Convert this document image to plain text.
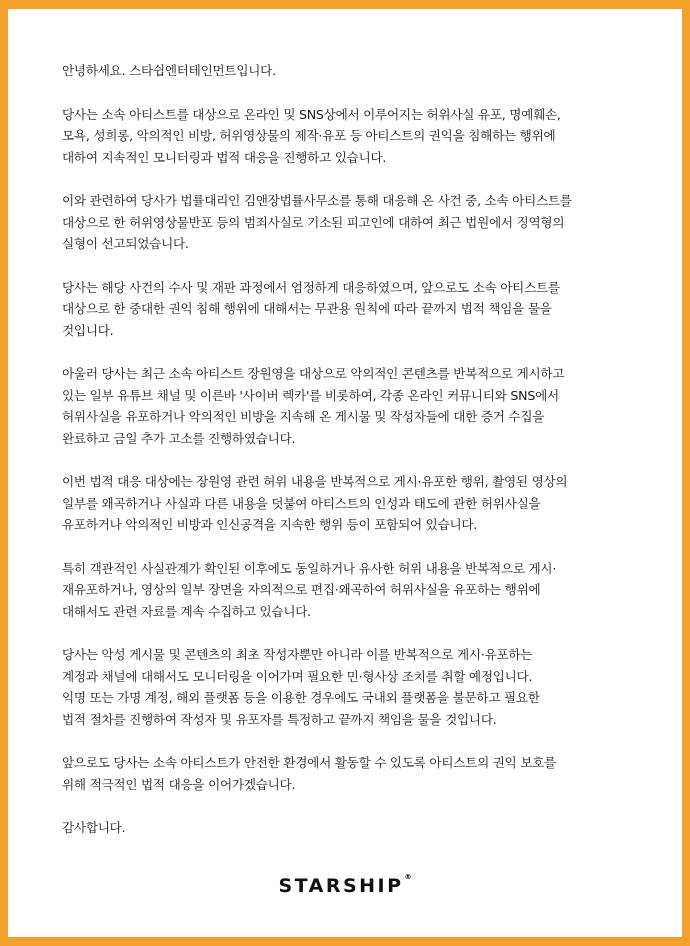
안녕하세요. 스타쉽엔터테인먼트입니다.
당사는 소속 아티스트를 대상으로 온라인 및 SNS상에서 이루어지는 허위사실 유포, 명예훼손,
모욕, 성희롱, 악의적인 비방, 허위영상물의 제작·유포 등 아티스트의 권익을 침해하는 행위에
대하여 지속적인 모니터링과 법적 대응을 진행하고 있습니다.
이와 관련하여 당사가 법률대리인 김앤장법률사무소를 통해 대응해 온 사건 중, 소속 아티스트를
대상으로 한 허위영상물반포 등의 범죄사실로 기소된 피고인에 대하여 최근 법원에서 징역형의
실형이 선고되었습니다.
당사는 해당 사건의 수사 및 재판 과정에서 엄정하게 대응하였으며, 앞으로도 소속 아티스트를
대상으로 한 중대한 권익 침해 행위에 대해서는 무관용 원칙에 따라 끝까지 법적 책임을 물을
것입니다.
아울러 당사는 최근 소속 아티스트 장원영을 대상으로 악의적인 콘텐츠를 반복적으로 게시하고
있는 일부 유튜브 채널 및 이른바 '사이버 렉카'를 비롯하여, 각종 온라인 커뮤니티와 SNS에서
허위사실을 유포하거나 악의적인 비방을 지속해 온 게시물 및 작성자들에 대한 증거 수집을
완료하고 금일 추가 고소를 진행하였습니다.
이번 법적 대응 대상에는 장원영 관련 허위 내용을 반복적으로 게시·유포한 행위, 촬영된 영상의
일부를 왜곡하거나 사실과 다른 내용을 덧붙여 아티스트의 인성과 태도에 관한 허위사실을
유포하거나 악의적인 비방과 인신공격을 지속한 행위 등이 포함되어 있습니다.
특히 객관적인 사실관계가 확인된 이후에도 동일하거나 유사한 허위 내용을 반복적으로 게시·
재유포하거나, 영상의 일부 장면을 자의적으로 편집·왜곡하여 허위사실을 유포하는 행위에
대해서도 관련 자료를 계속 수집하고 있습니다.
당사는 악성 게시물 및 콘텐츠의 최초 작성자뿐만 아니라 이를 반복적으로 게시·유포하는
계정과 채널에 대해서도 모니터링을 이어가며 필요한 민·형사상 조치를 취할 예정입니다.
익명 또는 가명 계정, 해외 플랫폼 등을 이용한 경우에도 국내외 플랫폼을 불문하고 필요한
법적 절차를 진행하여 작성자 및 유포자를 특정하고 끝까지 책임을 물을 것입니다.
앞으로도 당사는 소속 아티스트가 안전한 환경에서 활동할 수 있도록 아티스트의 권익 보호를
위해 적극적인 법적 대응을 이어가겠습니다.
감사합니다.
STARSHIP®
